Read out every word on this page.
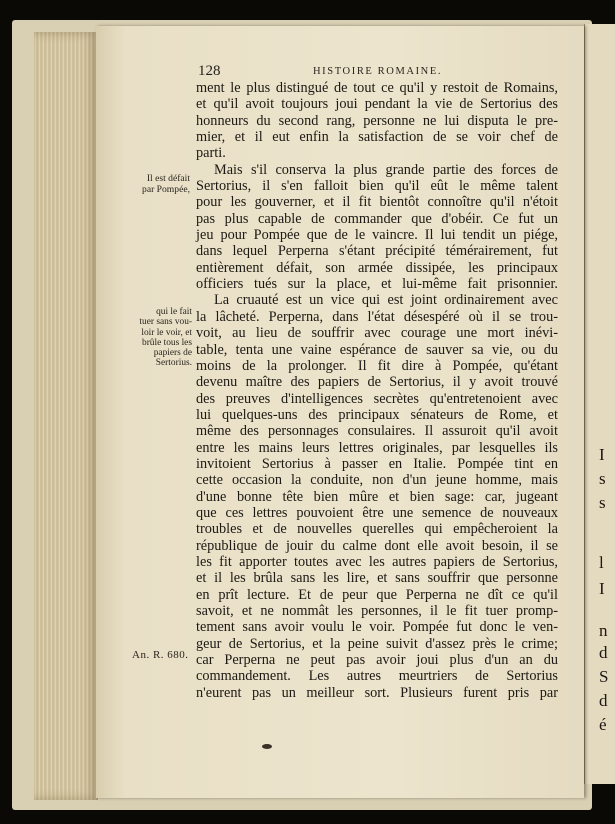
I
s
s
l
I
n
d
S
d
é
128	HISTOIRE ROMAINE.
Il est défait
par Pompée,
qui le fait
tuer sans vou-
loir le voir, et
brûle tous les
papiers de
Sertorius.
An. R. 680.
ment le plus distingué de tout ce qu'il y restoit de Romains,
et qu'il avoit toujours joui pendant la vie de Sertorius des
honneurs du second rang, personne ne lui disputa le pre-
mier, et il eut enfin la satisfaction de se voir chef de
parti.
Mais s'il conserva la plus grande partie des forces de
Sertorius, il s'en falloit bien qu'il eût le même talent
pour les gouverner, et il fit bientôt connoître qu'il n'étoit
pas plus capable de commander que d'obéir. Ce fut un
jeu pour Pompée que de le vaincre. Il lui tendit un piége,
dans lequel Perperna s'étant précipité témérairement, fut
entièrement défait, son armée dissipée, les principaux
officiers tués sur la place, et lui-même fait prisonnier.
La cruauté est un vice qui est joint ordinairement avec
la lâcheté. Perperna, dans l'état désespéré où il se trou-
voit, au lieu de souffrir avec courage une mort inévi-
table, tenta une vaine espérance de sauver sa vie, ou du
moins de la prolonger. Il fit dire à Pompée, qu'étant
devenu maître des papiers de Sertorius, il y avoit trouvé
des preuves d'intelligences secrètes qu'entretenoient avec
lui quelques-uns des principaux sénateurs de Rome, et
même des personnages consulaires. Il assuroit qu'il avoit
entre les mains leurs lettres originales, par lesquelles ils
invitoient Sertorius à passer en Italie. Pompée tint en
cette occasion la conduite, non d'un jeune homme, mais
d'une bonne tête bien mûre et bien sage: car, jugeant
que ces lettres pouvoient être une semence de nouveaux
troubles et de nouvelles querelles qui empêcheroient la
république de jouir du calme dont elle avoit besoin, il se
les fit apporter toutes avec les autres papiers de Sertorius,
et il les brûla sans les lire, et sans souffrir que personne
en prît lecture. Et de peur que Perperna ne dît ce qu'il
savoit, et ne nommât les personnes, il le fit tuer promp-
tement sans avoir voulu le voir. Pompée fut donc le ven-
geur de Sertorius, et la peine suivit d'assez près le crime;
car Perperna ne peut pas avoir joui plus d'un an du
commandement. Les autres meurtriers de Sertorius
n'eurent pas un meilleur sort. Plusieurs furent pris par
